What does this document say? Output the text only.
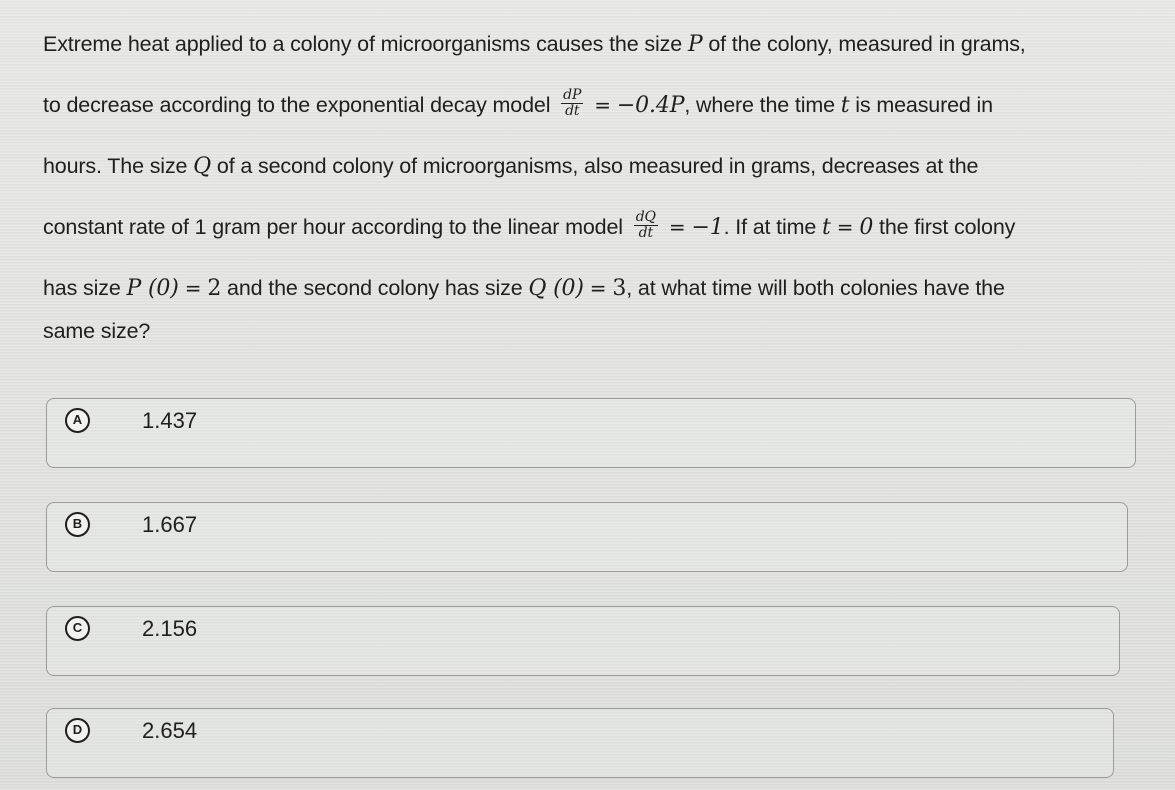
Extreme heat applied to a colony of microorganisms causes the size P of the colony, measured in grams,

to decrease according to the exponential decay model $\frac{dP}{dt} = -0.4P$, where the time t is measured in

hours. The size Q of a second colony of microorganisms, also measured in grams, decreases at the

constant rate of 1 gram per hour according to the linear model $\frac{dQ}{dt} = -1$. If at time t = 0 the first colony

has size P (0) = 2 and the second colony has size Q (0) = 3, at what time will both colonies have the

same size?

A	1.437
B	1.667
C	2.156
D	2.654
